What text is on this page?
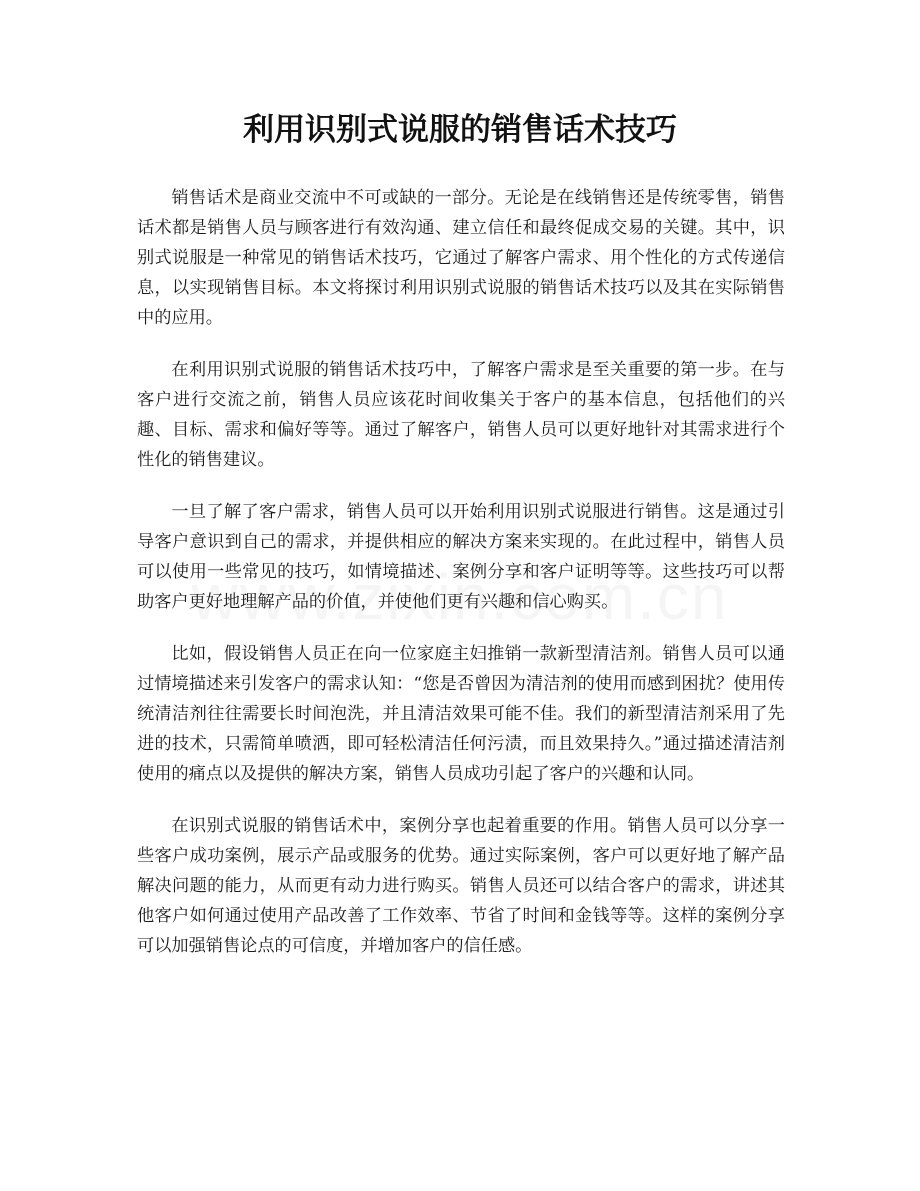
利用识别式说服的销售话术技巧

销售话术是商业交流中不可或缺的一部分。无论是在线销售还是传统零售，销售话术都是销售人员与顾客进行有效沟通、建立信任和最终促成交易的关键。其中，识别式说服是一种常见的销售话术技巧，它通过了解客户需求、用个性化的方式传递信息，以实现销售目标。本文将探讨利用识别式说服的销售话术技巧以及其在实际销售中的应用。

在利用识别式说服的销售话术技巧中，了解客户需求是至关重要的第一步。在与客户进行交流之前，销售人员应该花时间收集关于客户的基本信息，包括他们的兴趣、目标、需求和偏好等等。通过了解客户，销售人员可以更好地针对其需求进行个性化的销售建议。

一旦了解了客户需求，销售人员可以开始利用识别式说服进行销售。这是通过引导客户意识到自己的需求，并提供相应的解决方案来实现的。在此过程中，销售人员可以使用一些常见的技巧，如情境描述、案例分享和客户证明等等。这些技巧可以帮助客户更好地理解产品的价值，并使他们更有兴趣和信心购买。

比如，假设销售人员正在向一位家庭主妇推销一款新型清洁剂。销售人员可以通过情境描述来引发客户的需求认知：“您是否曾因为清洁剂的使用而感到困扰？使用传统清洁剂往往需要长时间泡洗，并且清洁效果可能不佳。我们的新型清洁剂采用了先进的技术，只需简单喷洒，即可轻松清洁任何污渍，而且效果持久。”通过描述清洁剂使用的痛点以及提供的解决方案，销售人员成功引起了客户的兴趣和认同。

在识别式说服的销售话术中，案例分享也起着重要的作用。销售人员可以分享一些客户成功案例，展示产品或服务的优势。通过实际案例，客户可以更好地了解产品解决问题的能力，从而更有动力进行购买。销售人员还可以结合客户的需求，讲述其他客户如何通过使用产品改善了工作效率、节省了时间和金钱等等。这样的案例分享可以加强销售论点的可信度，并增加客户的信任感。
